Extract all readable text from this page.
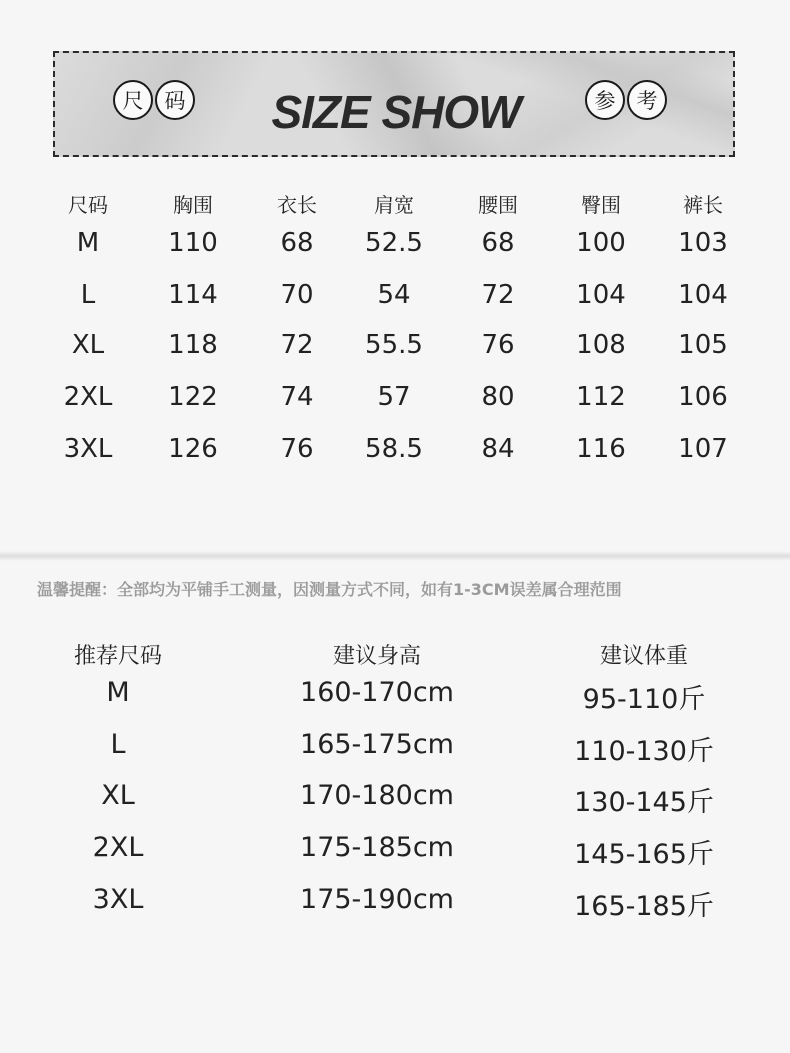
尺	码 SIZE SHOW	参	考
尺码	胸围	衣长	肩宽	腰围	臀围	裤长
M	110 68 52.5 68 100 103
L	114 70 54	72 104 104
XL 118 72 55.5 76 108 105
2XL 122 74 57	80 112 106
3XL 126 76 58.5 84 116 107
温馨提醒：全部均为平铺手工测量，因测量方式不同，如有1-3CM误差属合理范围
推荐尺码	建议身高	建议体重
M	160-170cm	95-110斤
L	165-175cm	110-130斤
XL	170-180cm	130-145斤
2XL	175-185cm	145-165斤
3XL	175-190cm	165-185斤
